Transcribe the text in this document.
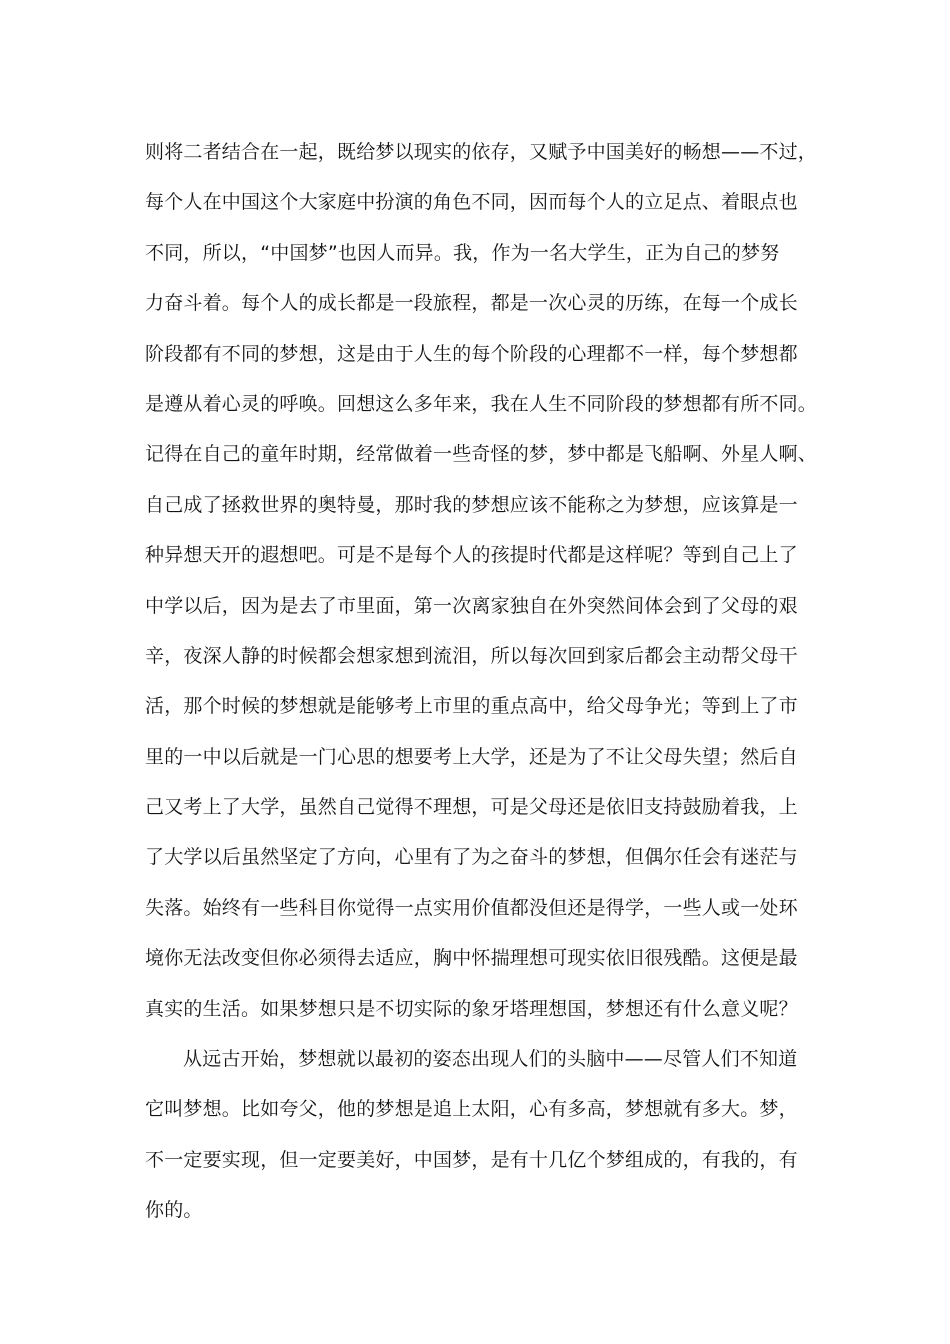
则将二者结合在一起，既给梦以现实的依存，又赋予中国美好的畅想——不过，
每个人在中国这个大家庭中扮演的角色不同，因而每个人的立足点、着眼点也
不同，所以，“中国梦”也因人而异。我，作为一名大学生，正为自己的梦努
力奋斗着。每个人的成长都是一段旅程，都是一次心灵的历练，在每一个成长
阶段都有不同的梦想，这是由于人生的每个阶段的心理都不一样，每个梦想都
是遵从着心灵的呼唤。回想这么多年来，我在人生不同阶段的梦想都有所不同。
记得在自己的童年时期，经常做着一些奇怪的梦，梦中都是飞船啊、外星人啊、
自己成了拯救世界的奥特曼，那时我的梦想应该不能称之为梦想，应该算是一
种异想天开的遐想吧。可是不是每个人的孩提时代都是这样呢？等到自己上了
中学以后，因为是去了市里面，第一次离家独自在外突然间体会到了父母的艰
辛，夜深人静的时候都会想家想到流泪，所以每次回到家后都会主动帮父母干
活，那个时候的梦想就是能够考上市里的重点高中，给父母争光；等到上了市
里的一中以后就是一门心思的想要考上大学，还是为了不让父母失望；然后自
己又考上了大学，虽然自己觉得不理想，可是父母还是依旧支持鼓励着我，上
了大学以后虽然坚定了方向，心里有了为之奋斗的梦想，但偶尔任会有迷茫与
失落。始终有一些科目你觉得一点实用价值都没但还是得学，一些人或一处环
境你无法改变但你必须得去适应，胸中怀揣理想可现实依旧很残酷。这便是最
真实的生活。如果梦想只是不切实际的象牙塔理想国，梦想还有什么意义呢？
从远古开始，梦想就以最初的姿态出现人们的头脑中——尽管人们不知道
它叫梦想。比如夸父，他的梦想是追上太阳，心有多高，梦想就有多大。梦，
不一定要实现，但一定要美好，中国梦，是有十几亿个梦组成的，有我的，有
你的。
